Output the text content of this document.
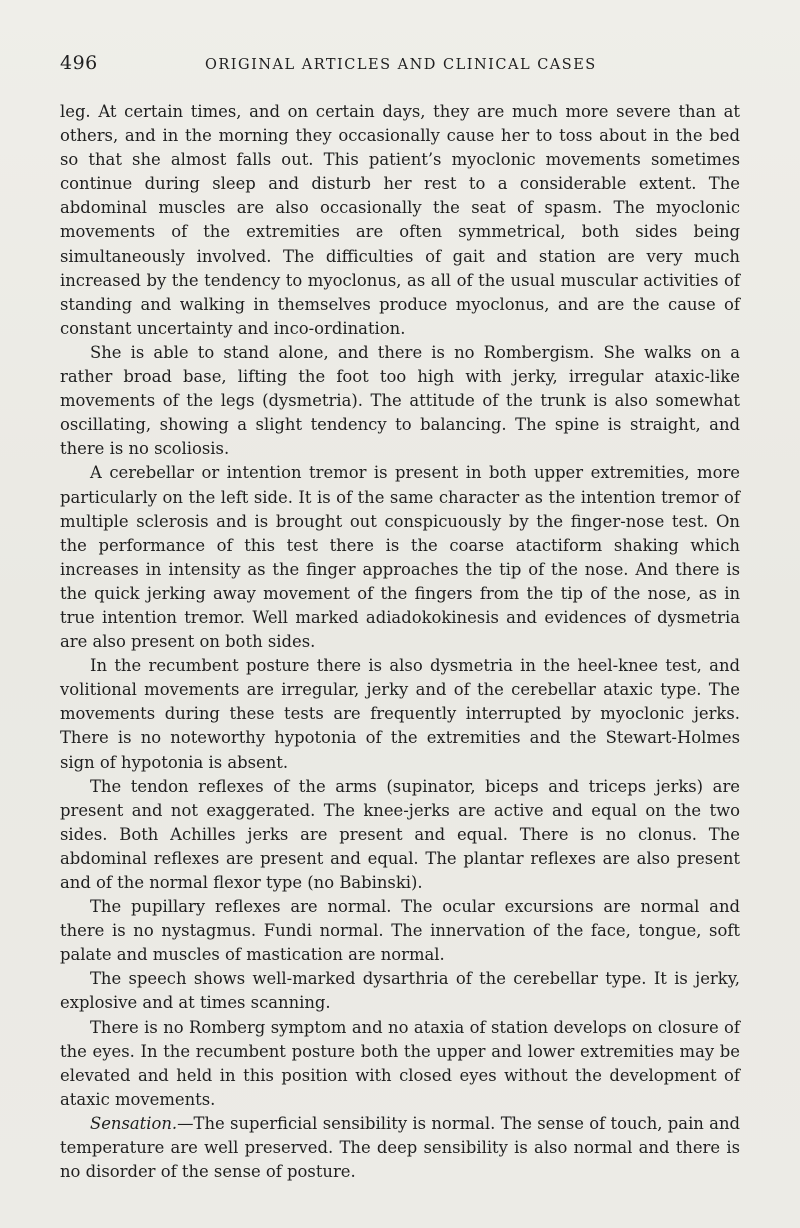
496	ORIGINAL ARTICLES AND CLINICAL CASES

leg. At certain times, and on certain days, they are much more severe than at others, and in the morning they occasionally cause her to toss about in the bed so that she almost falls out. This patient’s myoclonic movements sometimes continue during sleep and disturb her rest to a considerable extent. The abdominal muscles are also occasionally the seat of spasm. The myoclonic movements of the extremities are often symmetrical, both sides being simultaneously involved. The difficulties of gait and station are very much increased by the tendency to myoclonus, as all of the usual muscular activities of standing and walking in themselves produce myoclonus, and are the cause of constant uncertainty and inco-ordination.

She is able to stand alone, and there is no Rombergism. She walks on a rather broad base, lifting the foot too high with jerky, irregular ataxic-like movements of the legs (dysmetria). The attitude of the trunk is also somewhat oscillating, showing a slight tendency to balancing. The spine is straight, and there is no scoliosis.

A cerebellar or intention tremor is present in both upper extremities, more particularly on the left side. It is of the same character as the intention tremor of multiple sclerosis and is brought out conspicuously by the finger-nose test. On the performance of this test there is the coarse atactiform shaking which increases in intensity as the finger approaches the tip of the nose. And there is the quick jerking away movement of the fingers from the tip of the nose, as in true intention tremor. Well marked adiadokokinesis and evidences of dysmetria are also present on both sides.

In the recumbent posture there is also dysmetria in the heel-knee test, and volitional movements are irregular, jerky and of the cerebellar ataxic type. The movements during these tests are frequently interrupted by myoclonic jerks. There is no noteworthy hypotonia of the extremities and the Stewart-Holmes sign of hypotonia is absent.

The tendon reflexes of the arms (supinator, biceps and triceps jerks) are present and not exaggerated. The knee-jerks are active and equal on the two sides. Both Achilles jerks are present and equal. There is no clonus. The abdominal reflexes are present and equal. The plantar reflexes are also present and of the normal flexor type (no Babinski).

The pupillary reflexes are normal. The ocular excursions are normal and there is no nystagmus. Fundi normal. The innervation of the face, tongue, soft palate and muscles of mastication are normal.

The speech shows well-marked dysarthria of the cerebellar type. It is jerky, explosive and at times scanning.

There is no Romberg symptom and no ataxia of station develops on closure of the eyes. In the recumbent posture both the upper and lower extremities may be elevated and held in this position with closed eyes without the development of ataxic movements.

Sensation.—The superficial sensibility is normal. The sense of touch, pain and temperature are well preserved. The deep sensibility is also normal and there is no disorder of the sense of posture.
